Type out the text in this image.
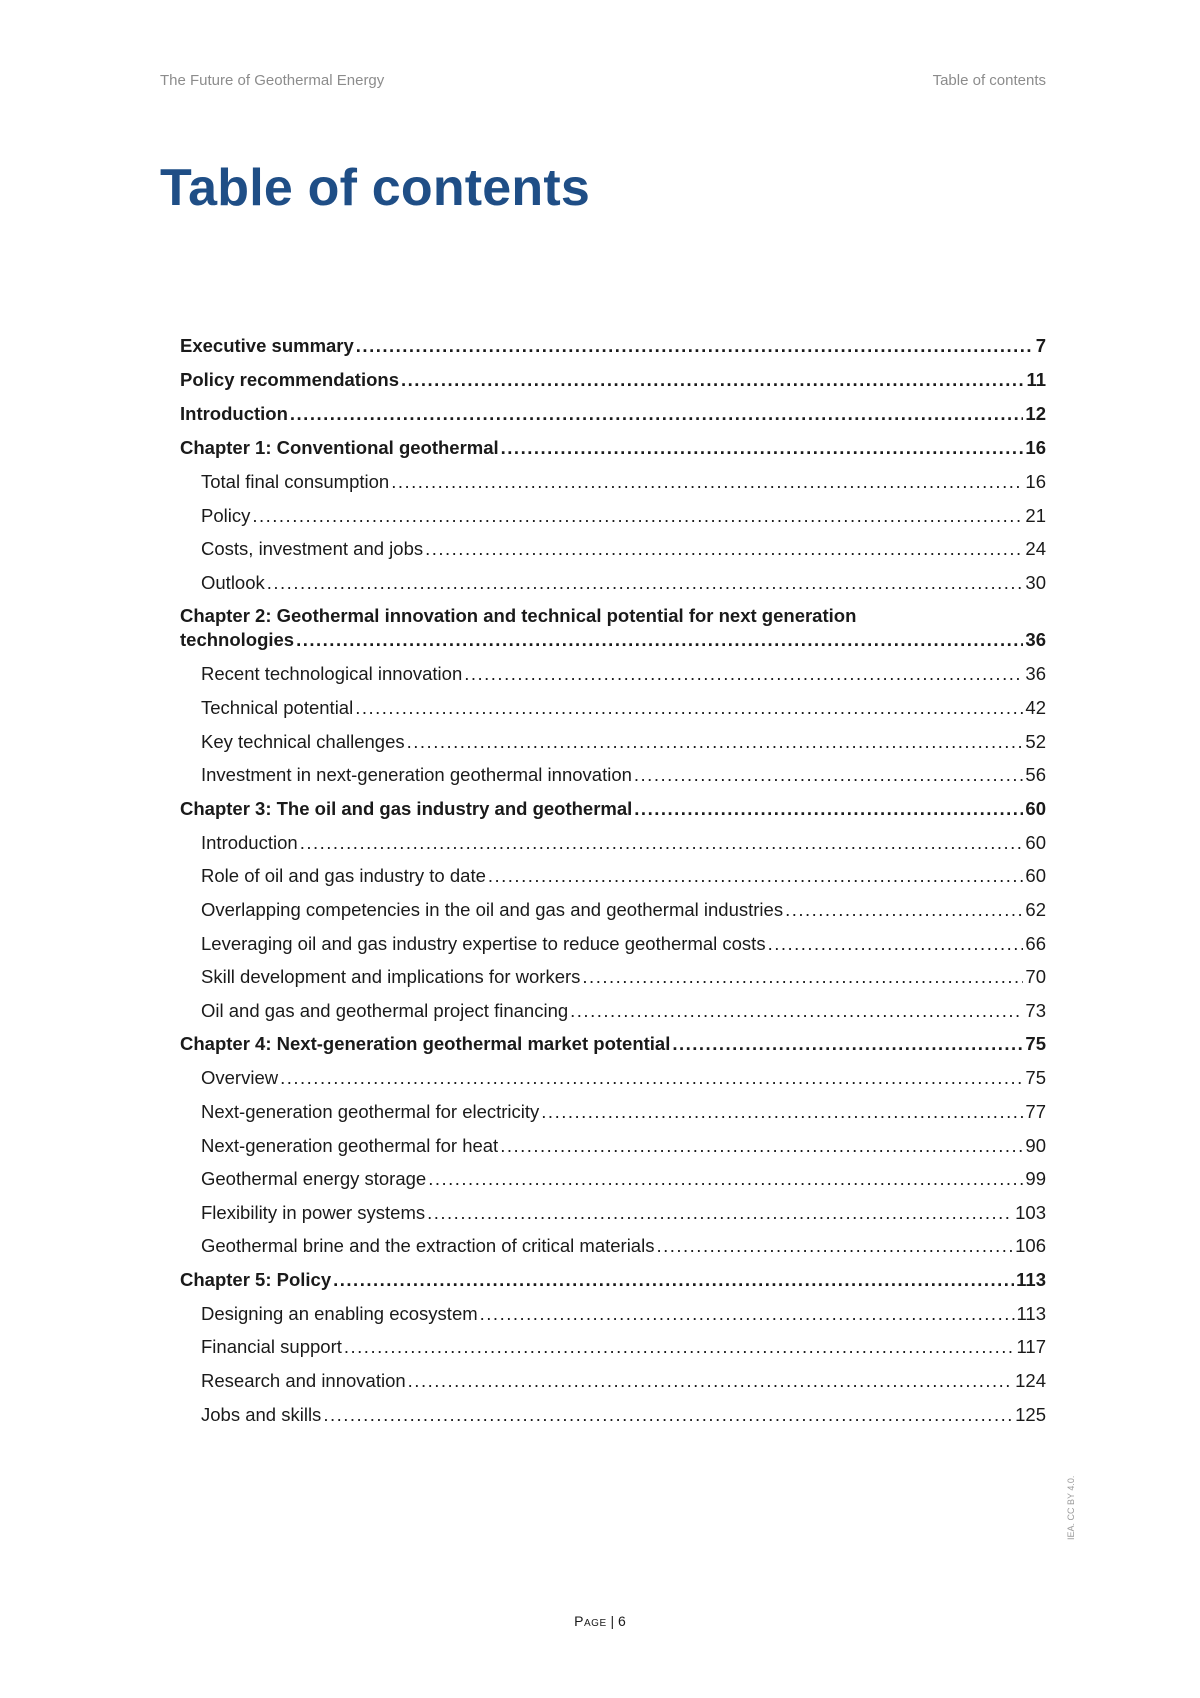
The Future of Geothermal Energy	Table of contents
Table of contents
Executive summary .....	7
Policy recommendations .....	11
Introduction .....	12
Chapter 1: Conventional geothermal .....	16
Total final consumption .....	16
Policy .....	21
Costs, investment and jobs .....	24
Outlook .....	30
Chapter 2: Geothermal innovation and technical potential for next generation
technologies .....	36
Recent technological innovation .....	36
Technical potential .....	42
Key technical challenges .....	52
Investment in next-generation geothermal innovation .....	56
Chapter 3: The oil and gas industry and geothermal .....	60
Introduction .....	60
Role of oil and gas industry to date .....	60
Overlapping competencies in the oil and gas and geothermal industries .....	62
Leveraging oil and gas industry expertise to reduce geothermal costs .....	66
Skill development and implications for workers .....	70
Oil and gas and geothermal project financing .....	73
Chapter 4: Next-generation geothermal market potential .....	75
Overview .....	75
Next-generation geothermal for electricity .....	77
Next-generation geothermal for heat .....	90
Geothermal energy storage .....	99
Flexibility in power systems .....	103
Geothermal brine and the extraction of critical materials .....	106
Chapter 5: Policy .....	113
Designing an enabling ecosystem .....	113
Financial support .....	117
Research and innovation .....	124
Jobs and skills .....	125
Page | 6
IEA. CC BY 4.0.
